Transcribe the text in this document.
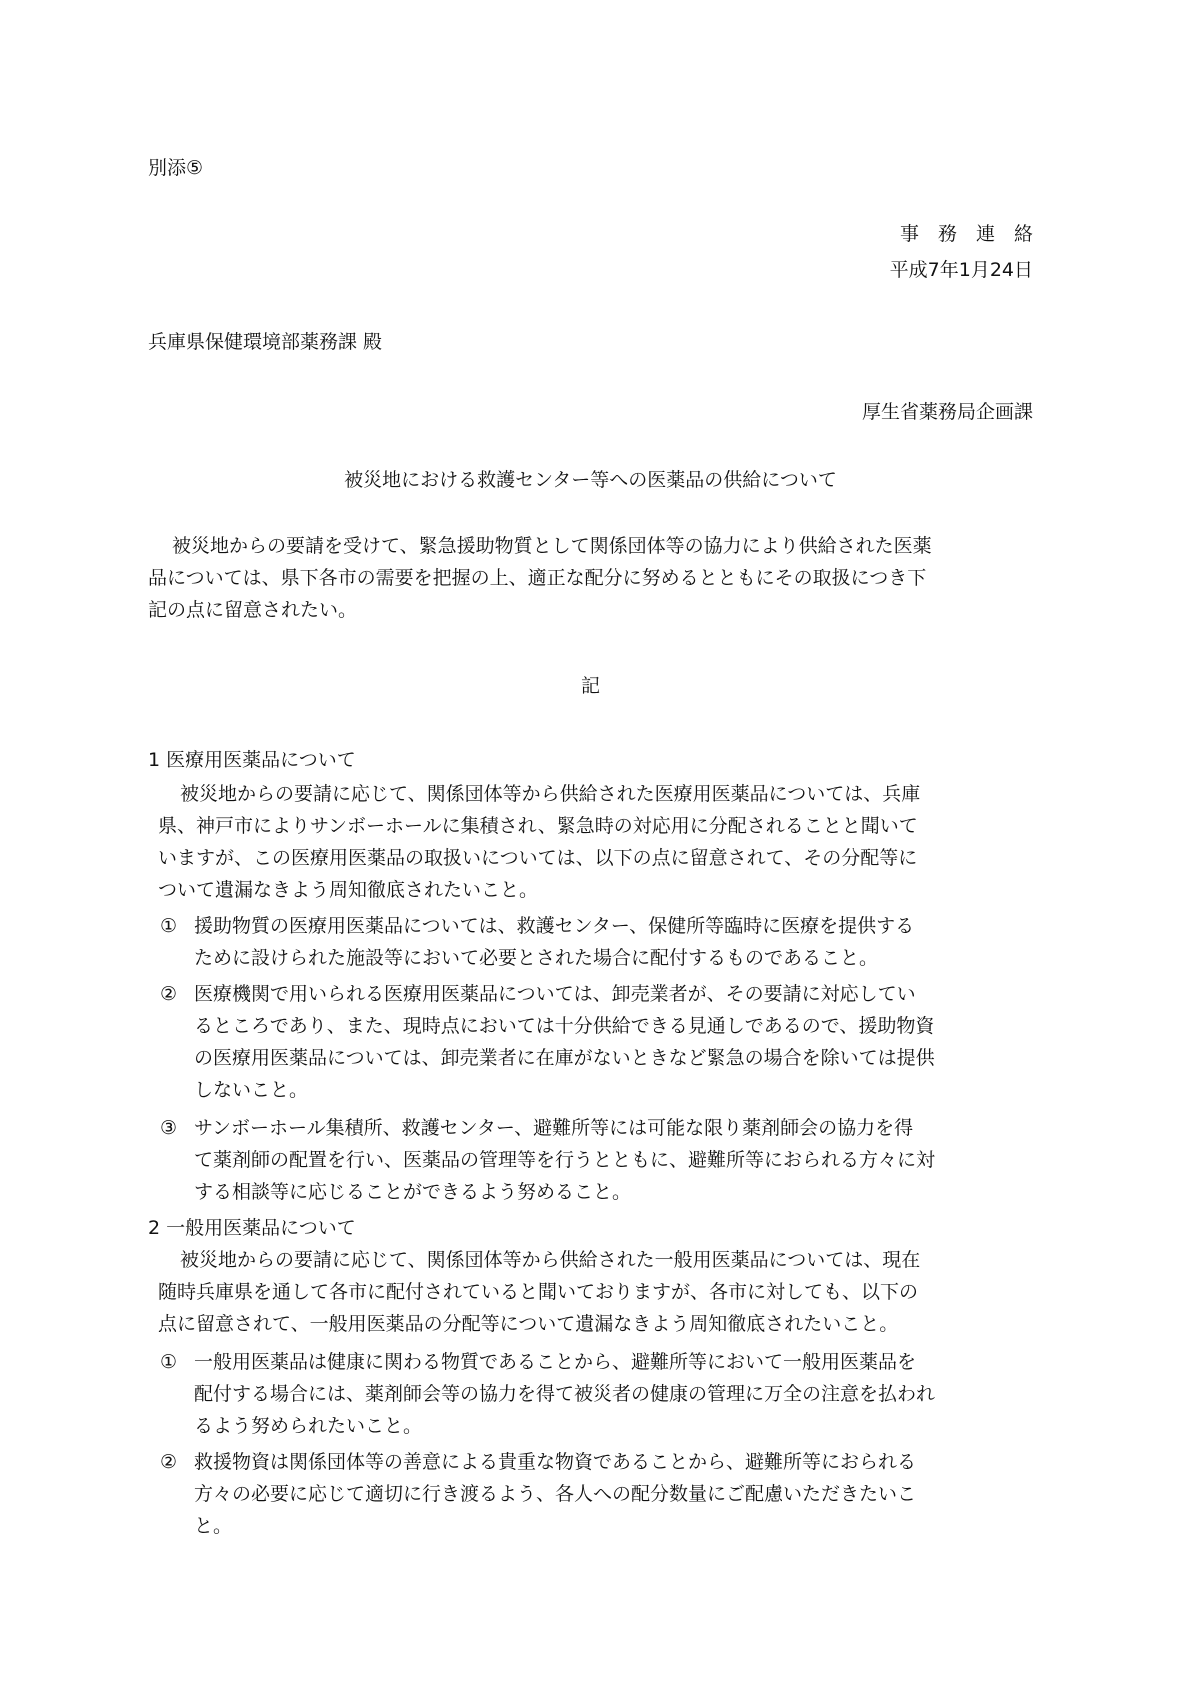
別添⑤
事　務　連　絡
平成7年1月24日
兵庫県保健環境部薬務課 殿
厚生省薬務局企画課
被災地における救護センター等への医薬品の供給について
被災地からの要請を受けて、緊急援助物質として関係団体等の協力により供給された医薬
品については、県下各市の需要を把握の上、適正な配分に努めるとともにその取扱につき下
記の点に留意されたい。
記
1 医療用医薬品について
被災地からの要請に応じて、関係団体等から供給された医療用医薬品については、兵庫
県、神戸市によりサンボーホールに集積され、緊急時の対応用に分配されることと聞いて
いますが、この医療用医薬品の取扱いについては、以下の点に留意されて、その分配等に
ついて遺漏なきよう周知徹底されたいこと。
① 援助物質の医療用医薬品については、救護センター、保健所等臨時に医療を提供する
ために設けられた施設等において必要とされた場合に配付するものであること。
② 医療機関で用いられる医療用医薬品については、卸売業者が、その要請に対応してい
るところであり、また、現時点においては十分供給できる見通しであるので、援助物資
の医療用医薬品については、卸売業者に在庫がないときなど緊急の場合を除いては提供
しないこと。
③ サンボーホール集積所、救護センター、避難所等には可能な限り薬剤師会の協力を得
て薬剤師の配置を行い、医薬品の管理等を行うとともに、避難所等におられる方々に対
する相談等に応じることができるよう努めること。
2 一般用医薬品について
被災地からの要請に応じて、関係団体等から供給された一般用医薬品については、現在
随時兵庫県を通して各市に配付されていると聞いておりますが、各市に対しても、以下の
点に留意されて、一般用医薬品の分配等について遺漏なきよう周知徹底されたいこと。
① 一般用医薬品は健康に関わる物質であることから、避難所等において一般用医薬品を
配付する場合には、薬剤師会等の協力を得て被災者の健康の管理に万全の注意を払われ
るよう努められたいこと。
② 救援物資は関係団体等の善意による貴重な物資であることから、避難所等におられる
方々の必要に応じて適切に行き渡るよう、各人への配分数量にご配慮いただきたいこ
と。
